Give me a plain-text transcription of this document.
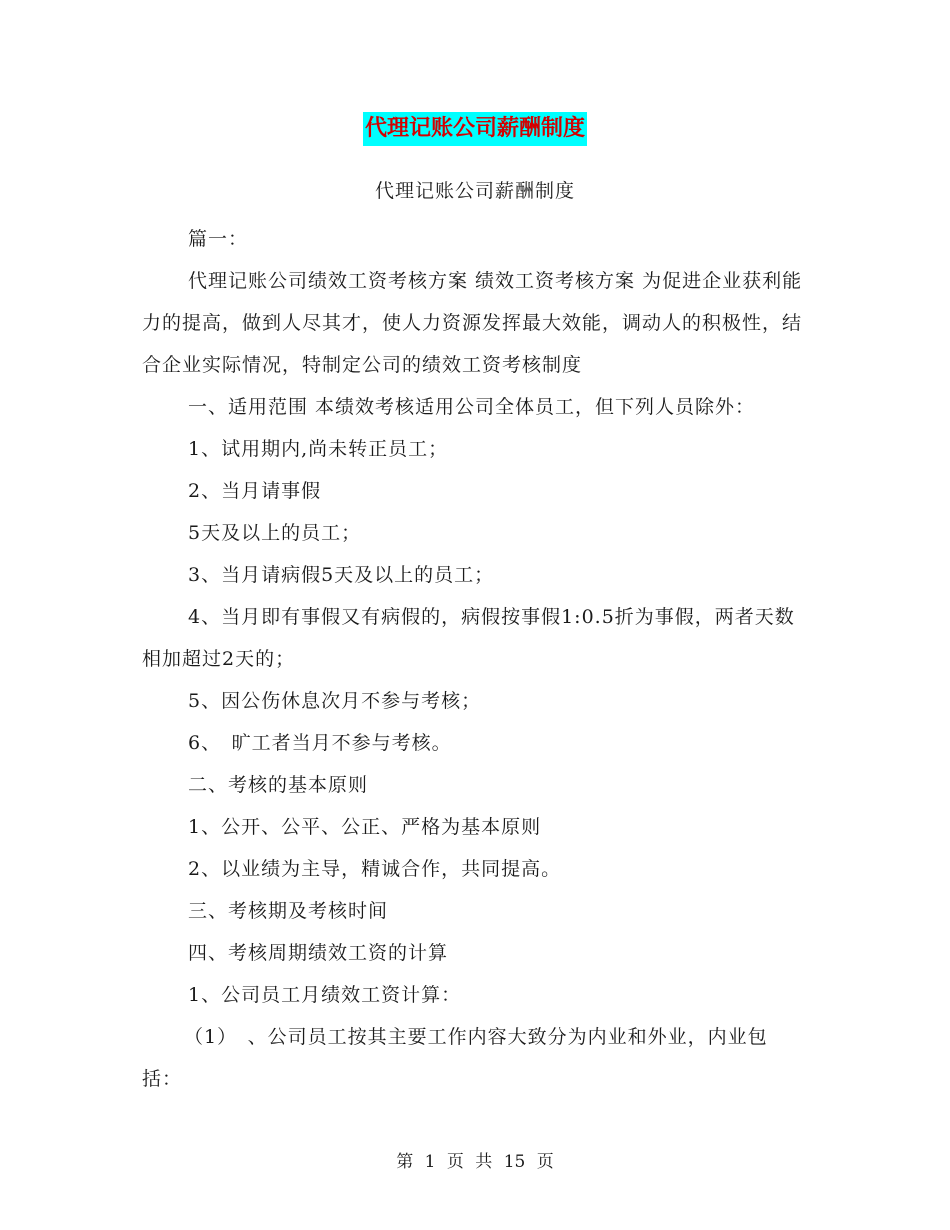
代理记账公司薪酬制度
代理记账公司薪酬制度

篇一：

代理记账公司绩效工资考核方案 绩效工资考核方案 为促进企业获利能力的提高，做到人尽其才，使人力资源发挥最大效能，调动人的积极性，结合企业实际情况，特制定公司的绩效工资考核制度

一、适用范围 本绩效考核适用公司全体员工，但下列人员除外：

1、试用期内,尚未转正员工；

2、当月请事假

5天及以上的员工；

3、当月请病假5天及以上的员工；

4、当月即有事假又有病假的，病假按事假1:0.5折为事假，两者天数相加超过2天的；

5、因公伤休息次月不参与考核；

6、　旷工者当月不参与考核。

二、考核的基本原则

1、公开、公平、公正、严格为基本原则

2、以业绩为主导，精诚合作，共同提高。

三、考核期及考核时间

四、考核周期绩效工资的计算

1、公司员工月绩效工资计算：

（1）　、公司员工按其主要工作内容大致分为内业和外业，内业包括：

第 1 页 共 15 页
